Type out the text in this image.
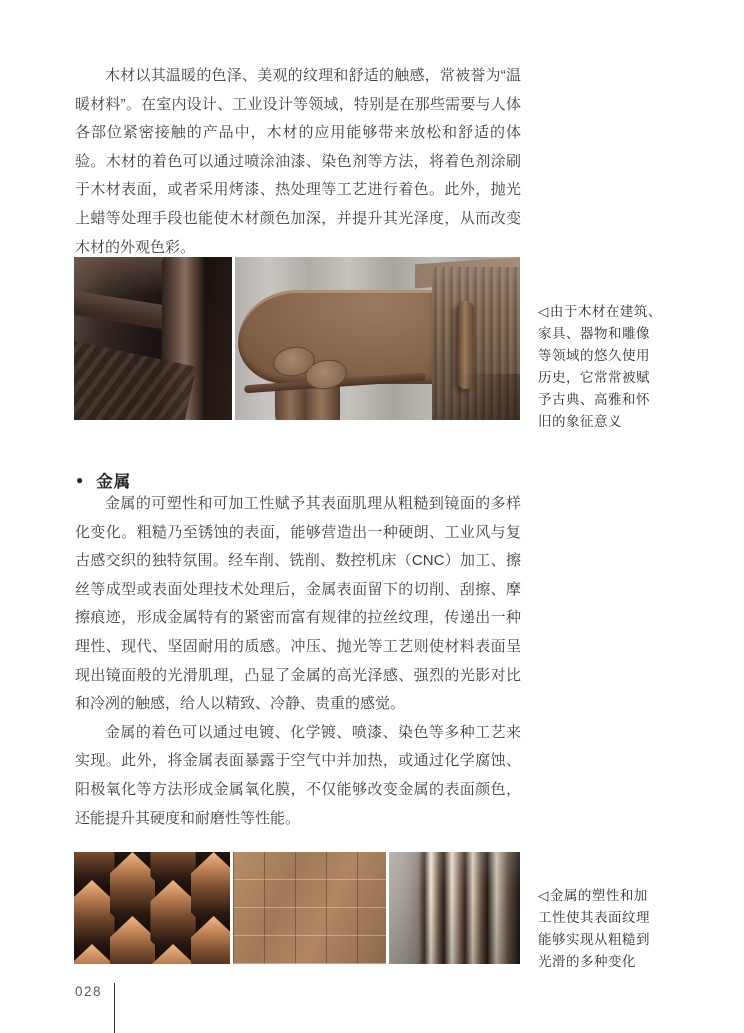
木材以其温暖的色泽、美观的纹理和舒适的触感，常被誉为“温暖材料”。在室内设计、工业设计等领域，特别是在那些需要与人体各部位紧密接触的产品中，木材的应用能够带来放松和舒适的体验。木材的着色可以通过喷涂油漆、染色剂等方法，将着色剂涂刷于木材表面，或者采用烤漆、热处理等工艺进行着色。此外，抛光上蜡等处理手段也能使木材颜色加深，并提升其光泽度，从而改变木材的外观色彩。

◁由于木材在建筑、
家具、器物和雕像
等领域的悠久使用
历史，它常常被赋
予古典、高雅和怀
旧的象征意义
● 金属

金属的可塑性和可加工性赋予其表面肌理从粗糙到镜面的多样化变化。粗糙乃至锈蚀的表面，能够营造出一种硬朗、工业风与复古感交织的独特氛围。经车削、铣削、数控机床（CNC）加工、擦丝等成型或表面处理技术处理后，金属表面留下的切削、刮擦、摩擦痕迹，形成金属特有的紧密而富有规律的拉丝纹理，传递出一种理性、现代、坚固耐用的质感。冲压、抛光等工艺则使材料表面呈现出镜面般的光滑肌理，凸显了金属的高光泽感、强烈的光影对比和冷冽的触感，给人以精致、冷静、贵重的感觉。

金属的着色可以通过电镀、化学镀、喷漆、染色等多种工艺来实现。此外，将金属表面暴露于空气中并加热，或通过化学腐蚀、阳极氧化等方法形成金属氧化膜，不仅能够改变金属的表面颜色，还能提升其硬度和耐磨性等性能。

◁金属的塑性和加
工性使其表面纹理
能够实现从粗糙到
光滑的多种变化
028
